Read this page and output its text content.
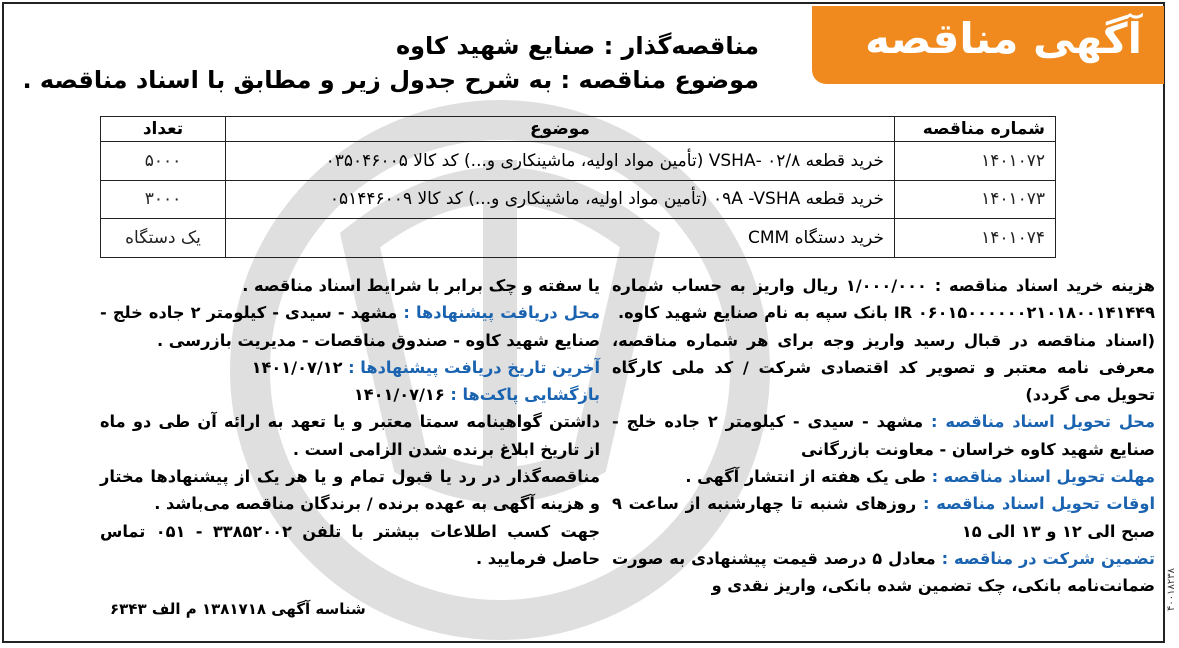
آگهی مناقصه
مناقصه‌گذار : صنایع شهید کاوه
موضوع مناقصه : به شرح جدول زیر و مطابق با اسناد مناقصه .
شماره مناقصه	موضوع	تعداد
۱۴۰۱۰۷۲	خرید قطعه ۰۲/۸ -VSHA (تأمین مواد اولیه، ماشینکاری و...) کد کالا ۰۳۵۰۴۶۰۰۵	۵۰۰۰
۱۴۰۱۰۷۳	خرید قطعه ۰۹A -VSHA (تأمین مواد اولیه، ماشینکاری و...) کد کالا ۰۵۱۴۴۶۰۰۹	۳۰۰۰
۱۴۰۱۰۷۴	خرید دستگاه CMM	یک دستگاه

هزینه خرید اسناد مناقصه : ۱/۰۰۰/۰۰۰ ریال واریز به حساب شماره IR ۰۶۰۱۵۰۰۰۰۰۰۲۱۰۱۸۰۰۱۴۱۴۴۹ بانک سپه به نام صنایع شهید کاوه.

(اسناد مناقصه در قبال رسید واریز وجه برای هر شماره مناقصه، معرفی نامه معتبر و تصویر کد اقتصادی شرکت / کد ملی کارگاه تحویل می گردد)

محل تحویل اسناد مناقصه : مشهد - سیدی - کیلومتر ۲ جاده خلج - صنایع شهید کاوه خراسان - معاونت بازرگانی

مهلت تحویل اسناد مناقصه : طی یک هفته از انتشار آگهی .

اوقات تحویل اسناد مناقصه : روزهای شنبه تا چهارشنبه از ساعت ۹ صبح الی ۱۲ و ۱۳ الی ۱۵

تضمین شرکت در مناقصه : معادل ۵ درصد قیمت پیشنهادی به صورت ضمانت‌نامه بانکی، چک تضمین شده بانکی، واریز نقدی و

یا سفته و چک برابر با شرایط اسناد مناقصه .

محل دریافت پیشنهادها : مشهد - سیدی - کیلومتر ۲ جاده خلج - صنایع شهید کاوه - صندوق مناقصات - مدیریت بازرسی .

آخرین تاریخ دریافت پیشنهادها : ۱۴۰۱/۰۷/۱۲

بازگشایی پاکت‌ها : ۱۴۰۱/۰۷/۱۶

داشتن گواهینامه سمتا معتبر و یا تعهد به ارائه آن طی دو ماه از تاریخ ابلاغ برنده شدن الزامی است .

مناقصه‌گذار در رد یا قبول تمام و یا هر یک از پیشنهادها مختار و هزینه آگهی به عهده برنده / برندگان مناقصه می‌باشد .

جهت کسب اطلاعات بیشتر با تلفن ۳۳۸۵۲۰۰۲ - ۰۵۱ تماس حاصل فرمایید .

شناسه آگهی ۱۳۸۱۷۱۸ م الف ۶۳۴۳	۴۰۰۱۸۲۳۸
